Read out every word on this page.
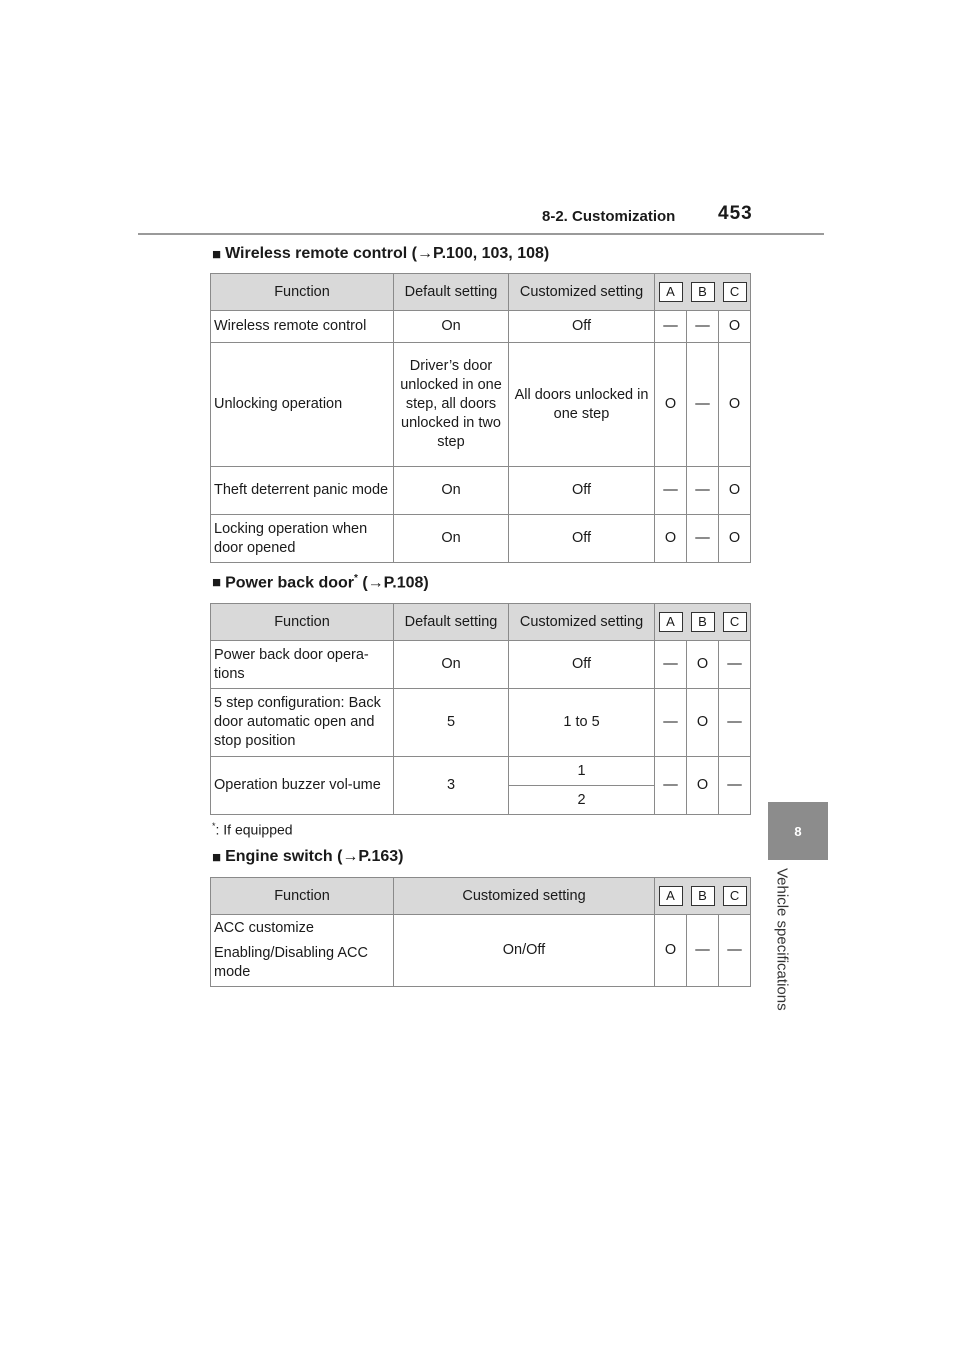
8-2. Customization 453
8
Vehicle specifications
■ Wireless remote control (→P.100, 103, 108)
Function	Default setting	Customized setting	A B C		

Wireless remote control	On	Off	—	—	O
Unlocking operation	Driver’s door unlocked in one step, all doors unlocked in two step	All doors unlocked in one step	O	—	O
Theft deterrent panic mode	On	Off	—	—	O
Locking operation when door opened	On	Off	O	—	O
■ Power back door* (→P.108)
Function	Default setting	Customized setting	A B C		

Power back door opera-tions	On	Off	—	O	—
5 step configuration: Back door automatic open and stop position	5	1 to 5	—	O	—
Operation buzzer vol-ume	3	1	—	O	—
		2			
*: If equipped
■ Engine switch (→P.163)
Function	Customized setting	A B C		

ACC customize
Enabling/Disabling ACC mode	On/Off	O	—	—
